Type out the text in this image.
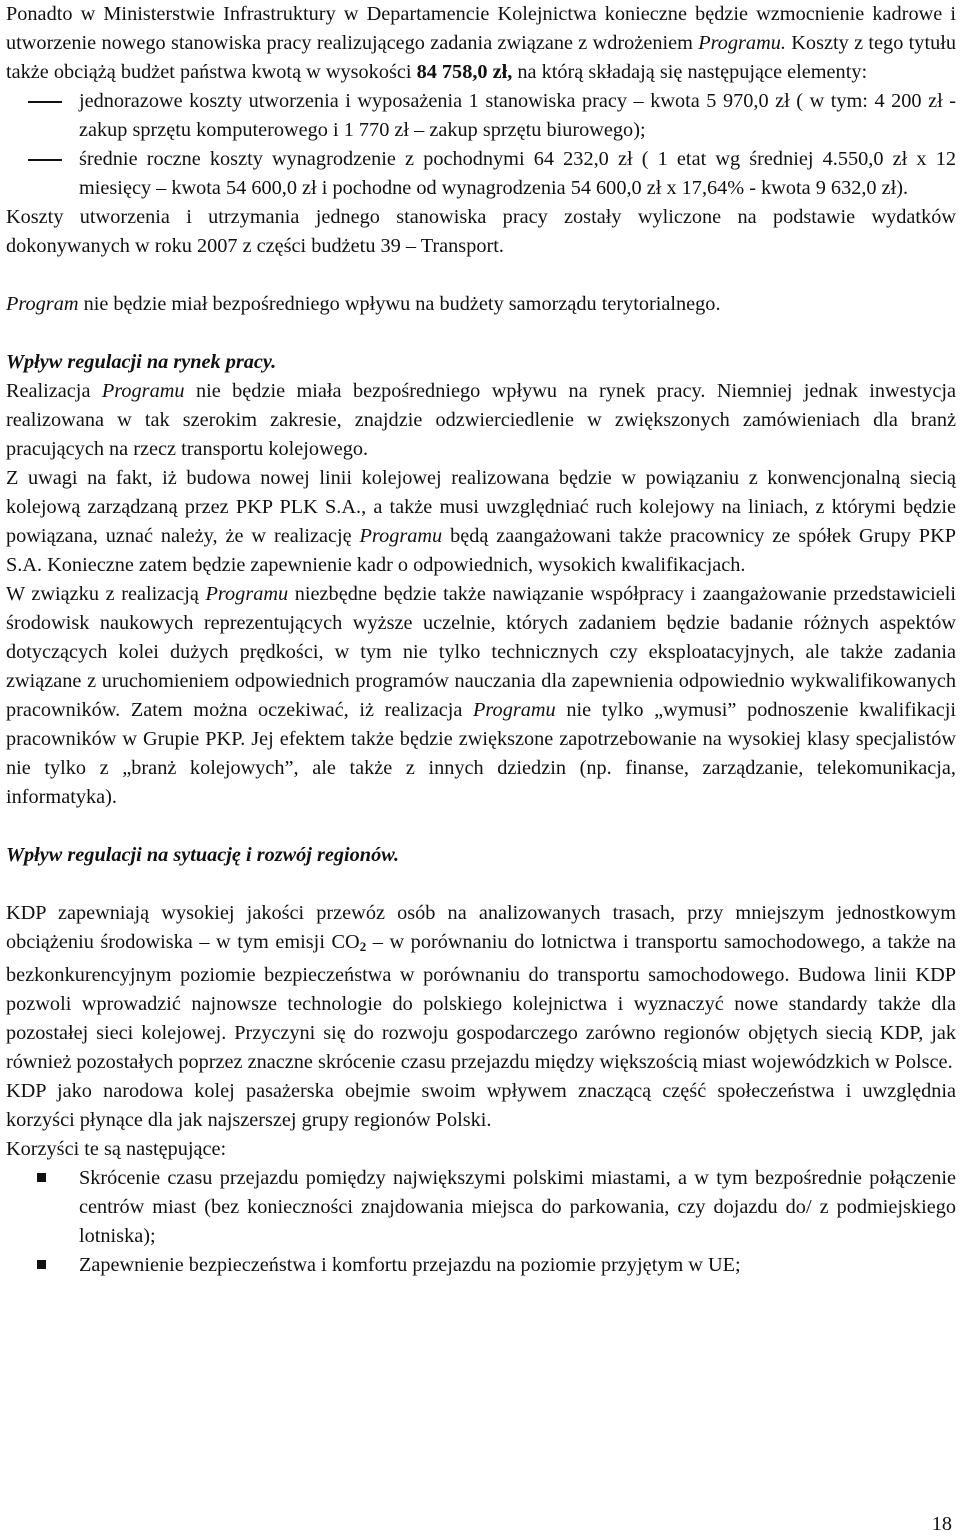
Ponadto w Ministerstwie Infrastruktury w Departamencie Kolejnictwa konieczne będzie wzmocnienie kadrowe i utworzenie nowego stanowiska pracy realizującego zadania związane z wdrożeniem Programu. Koszty z tego tytułu także obciążą budżet państwa kwotą w wysokości 84 758,0 zł, na którą składają się następujące elementy:

jednorazowe koszty utworzenia i wyposażenia 1 stanowiska pracy – kwota 5 970,0 zł ( w tym: 4 200 zł - zakup sprzętu komputerowego i 1 770 zł – zakup sprzętu biurowego);
średnie roczne koszty wynagrodzenie z pochodnymi 64 232,0 zł ( 1 etat wg średniej 4.550,0 zł x 12 miesięcy – kwota 54 600,0 zł i pochodne od wynagrodzenia 54 600,0 zł x 17,64% - kwota 9 632,0 zł).

Koszty utworzenia i utrzymania jednego stanowiska pracy zostały wyliczone na podstawie wydatków dokonywanych w roku 2007 z części budżetu 39 – Transport.

Program nie będzie miał bezpośredniego wpływu na budżety samorządu terytorialnego.

Wpływ regulacji na rynek pracy.

Realizacja Programu nie będzie miała bezpośredniego wpływu na rynek pracy. Niemniej jednak inwestycja realizowana w tak szerokim zakresie, znajdzie odzwierciedlenie w zwiększonych zamówieniach dla branż pracujących na rzecz transportu kolejowego.

Z uwagi na fakt, iż budowa nowej linii kolejowej realizowana będzie w powiązaniu z konwencjonalną siecią kolejową zarządzaną przez PKP PLK S.A., a także musi uwzględniać ruch kolejowy na liniach, z którymi będzie powiązana, uznać należy, że w realizację Programu będą zaangażowani także pracownicy ze spółek Grupy PKP S.A. Konieczne zatem będzie zapewnienie kadr o odpowiednich, wysokich kwalifikacjach.

W związku z realizacją Programu niezbędne będzie także nawiązanie współpracy i zaangażowanie przedstawicieli środowisk naukowych reprezentujących wyższe uczelnie, których zadaniem będzie badanie różnych aspektów dotyczących kolei dużych prędkości, w tym nie tylko technicznych czy eksploatacyjnych, ale także zadania związane z uruchomieniem odpowiednich programów nauczania dla zapewnienia odpowiednio wykwalifikowanych pracowników. Zatem można oczekiwać, iż realizacja Programu nie tylko „wymusi” podnoszenie kwalifikacji pracowników w Grupie PKP. Jej efektem także będzie zwiększone zapotrzebowanie na wysokiej klasy specjalistów nie tylko z „branż kolejowych”, ale także z innych dziedzin (np. finanse, zarządzanie, telekomunikacja, informatyka).

Wpływ regulacji na sytuację i rozwój regionów.

KDP zapewniają wysokiej jakości przewóz osób na analizowanych trasach, przy mniejszym jednostkowym obciążeniu środowiska – w tym emisji $CO_2$ – w porównaniu do lotnictwa i transportu samochodowego, a także na bezkonkurencyjnym poziomie bezpieczeństwa w porównaniu do transportu samochodowego. Budowa linii KDP pozwoli wprowadzić najnowsze technologie do polskiego kolejnictwa i wyznaczyć nowe standardy także dla pozostałej sieci kolejowej. Przyczyni się do rozwoju gospodarczego zarówno regionów objętych siecią KDP, jak również pozostałych poprzez znaczne skrócenie czasu przejazdu między większością miast wojewódzkich w Polsce.

KDP jako narodowa kolej pasażerska obejmie swoim wpływem znaczącą część społeczeństwa i uwzględnia korzyści płynące dla jak najszerszej grupy regionów Polski.

Korzyści te są następujące:

Skrócenie czasu przejazdu pomiędzy największymi polskimi miastami, a w tym bezpośrednie połączenie centrów miast (bez konieczności znajdowania miejsca do parkowania, czy dojazdu do/ z podmiejskiego lotniska);
Zapewnienie bezpieczeństwa i komfortu przejazdu na poziomie przyjętym w UE;
18
